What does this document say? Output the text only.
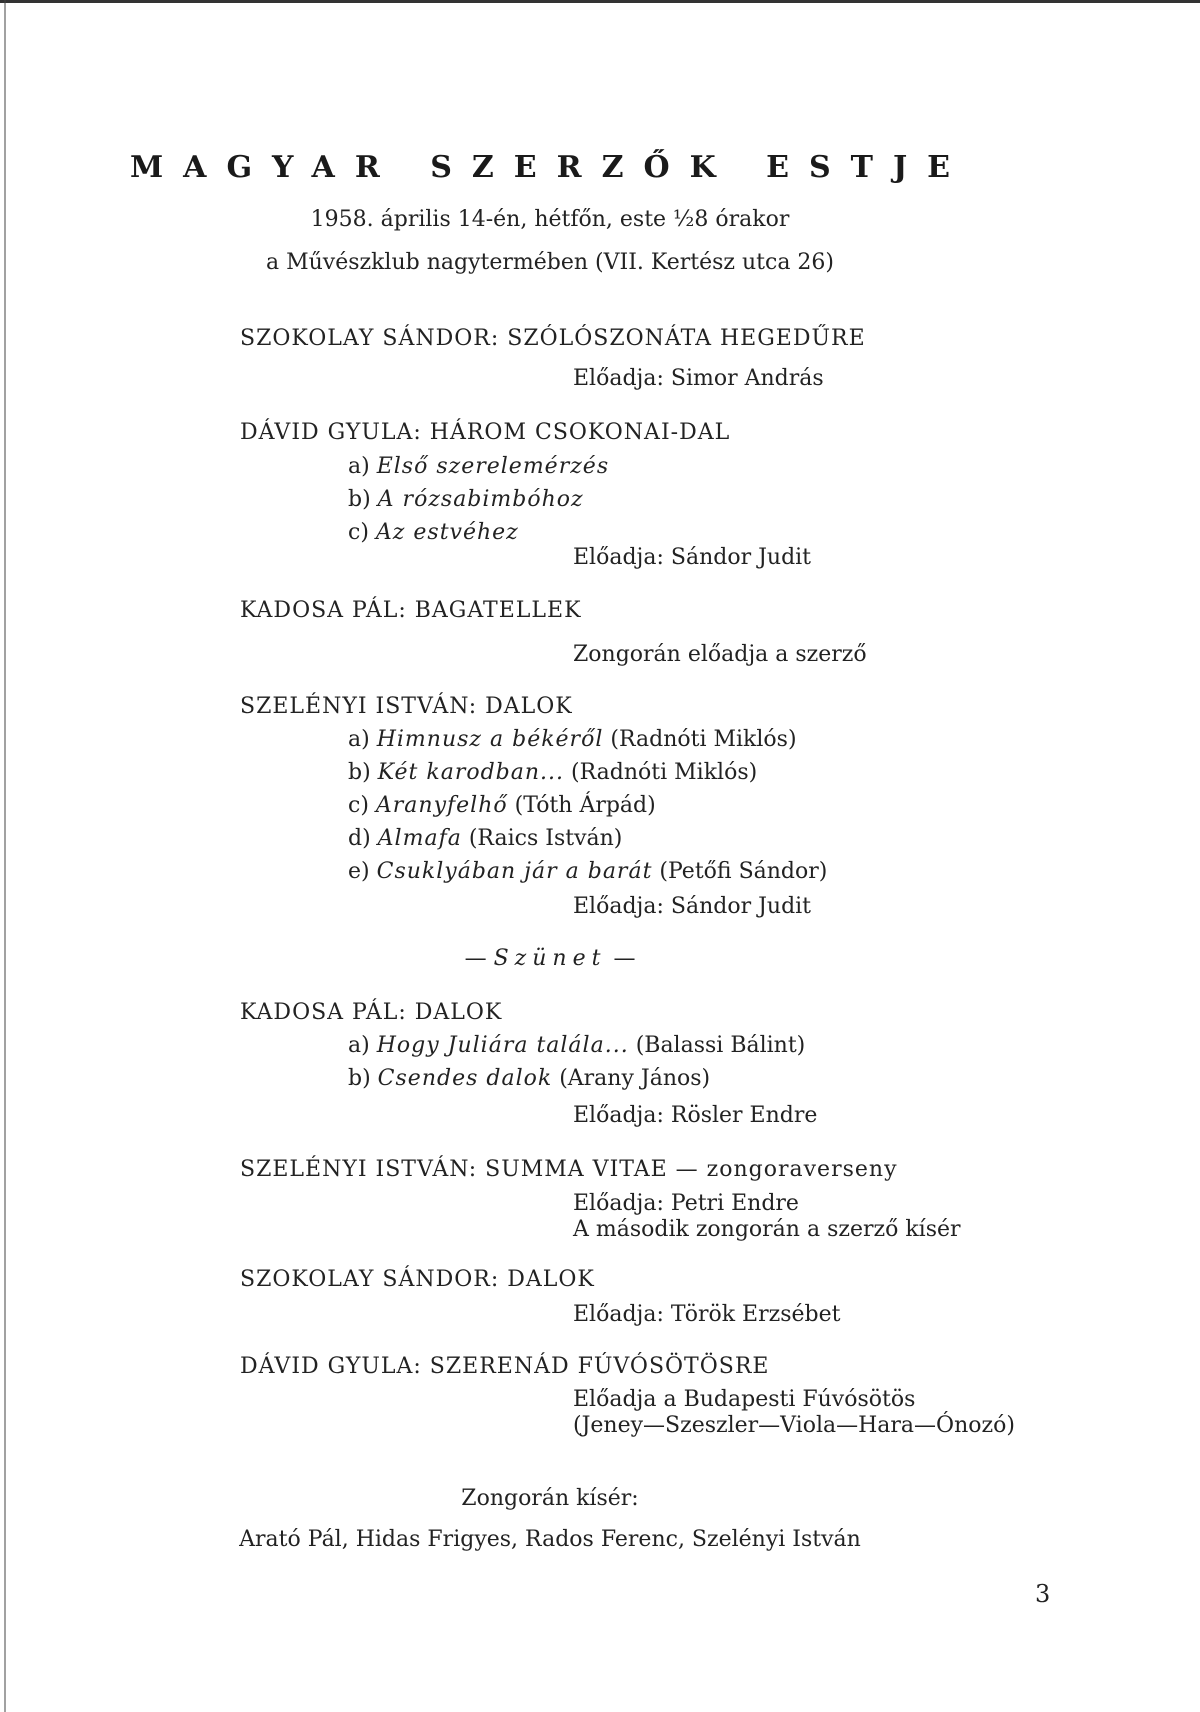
MAGYAR SZERZŐK ESTJE
1958. április 14-én, hétfőn, este ½8 órakor
a Művészklub nagytermében (VII. Kertész utca 26)
SZOKOLAY SÁNDOR: SZÓLÓSZONÁTA HEGEDŰRE
Előadja: Simor András
DÁVID GYULA: HÁROM CSOKONAI-DAL
a) Első szerelemérzés
b) A rózsabimbóhoz
c) Az estvéhez
Előadja: Sándor Judit
KADOSA PÁL: BAGATELLEK
Zongorán előadja a szerző
SZELÉNYI ISTVÁN: DALOK
a) Himnusz a békéről (Radnóti Miklós)
b) Két karodban... (Radnóti Miklós)
c) Aranyfelhő (Tóth Árpád)
d) Almafa (Raics István)
e) Csuklyában jár a barát (Petőfi Sándor)
Előadja: Sándor Judit
— Szünet —
KADOSA PÁL: DALOK
a) Hogy Juliára talála... (Balassi Bálint)
b) Csendes dalok (Arany János)
Előadja: Rösler Endre
SZELÉNYI ISTVÁN: SUMMA VITAE — zongoraverseny
Előadja: Petri Endre
A második zongorán a szerző kísér
SZOKOLAY SÁNDOR: DALOK
Előadja: Török Erzsébet
DÁVID GYULA: SZERENÁD FÚVÓSÖTÖSRE
Előadja a Budapesti Fúvósötös
(Jeney—Szeszler—Viola—Hara—Ónozó)
Zongorán kísér:
Arató Pál, Hidas Frigyes, Rados Ferenc, Szelényi István
3
